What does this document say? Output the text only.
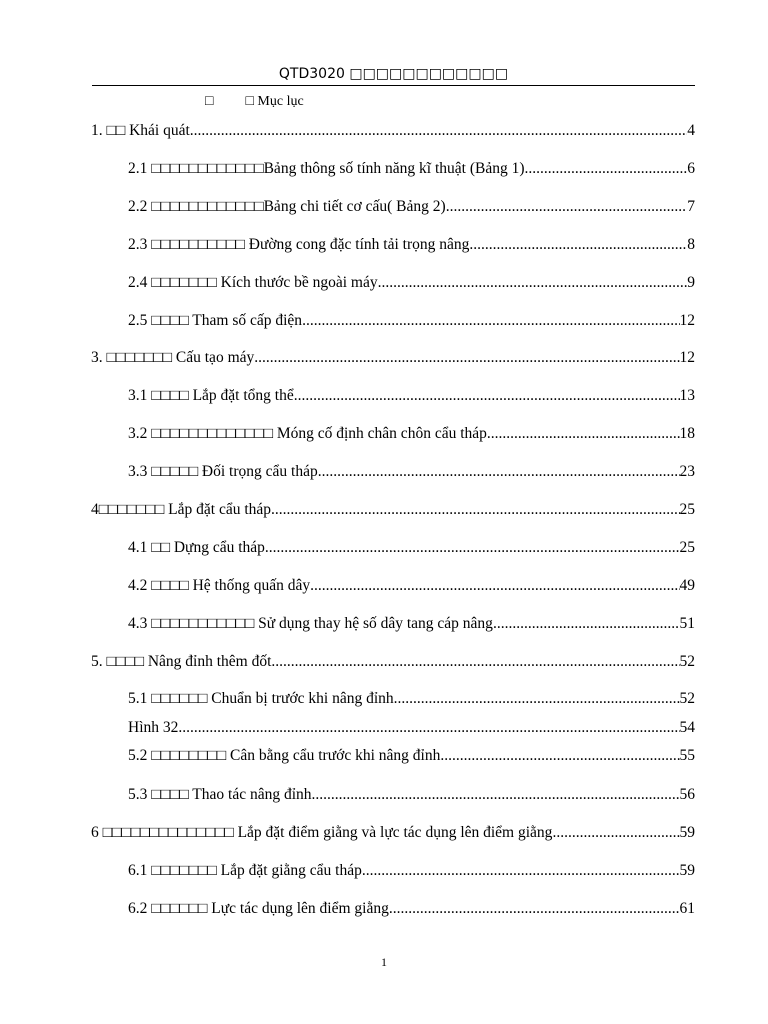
QTD3020 □□□□□□□□□□□□
□ □ Mục lục
1. □□ Khái quát .....	4
2.1 □□□□□□□□□□□□Bảng thông số tính năng kĩ thuật (Bảng 1) .....	6
2.2 □□□□□□□□□□□□Bảng chi tiết cơ cấu( Bảng 2) .....	7
2.3 □□□□□□□□□□ Đường cong đặc tính tải trọng nâng .....	8
2.4 □□□□□□□ Kích thước bề ngoài máy .....	9
2.5 □□□□ Tham số cấp điện .....	12
3. □□□□□□□ Cấu tạo máy .....	12
3.1 □□□□ Lắp đặt tổng thể .....	13
3.2 □□□□□□□□□□□□□ Móng cố định chân chôn cẩu tháp .....	18
3.3 □□□□□ Đối trọng cẩu tháp .....	23
4□□□□□□□ Lắp đặt cẩu tháp .....	25
4.1 □□ Dựng cẩu tháp .....	25
4.2 □□□□ Hệ thống quấn dây .....	49
4.3 □□□□□□□□□□□ Sử dụng thay hệ số dây tang cáp nâng .....	51
5. □□□□ Nâng đỉnh thêm đốt .....	52
5.1 □□□□□□ Chuẩn bị trước khi nâng đỉnh .....	52
Hình 32 .....	54
5.2 □□□□□□□□ Cân bằng cẩu trước khi nâng đỉnh .....	55
5.3 □□□□ Thao tác nâng đỉnh .....	56
6 □□□□□□□□□□□□□□ Lắp đặt điểm giằng và lực tác dụng lên điểm giằng .....	59
6.1 □□□□□□□ Lắp đặt giằng cẩu tháp .....	59
6.2 □□□□□□ Lực tác dụng lên điểm giằng .....	61
1
